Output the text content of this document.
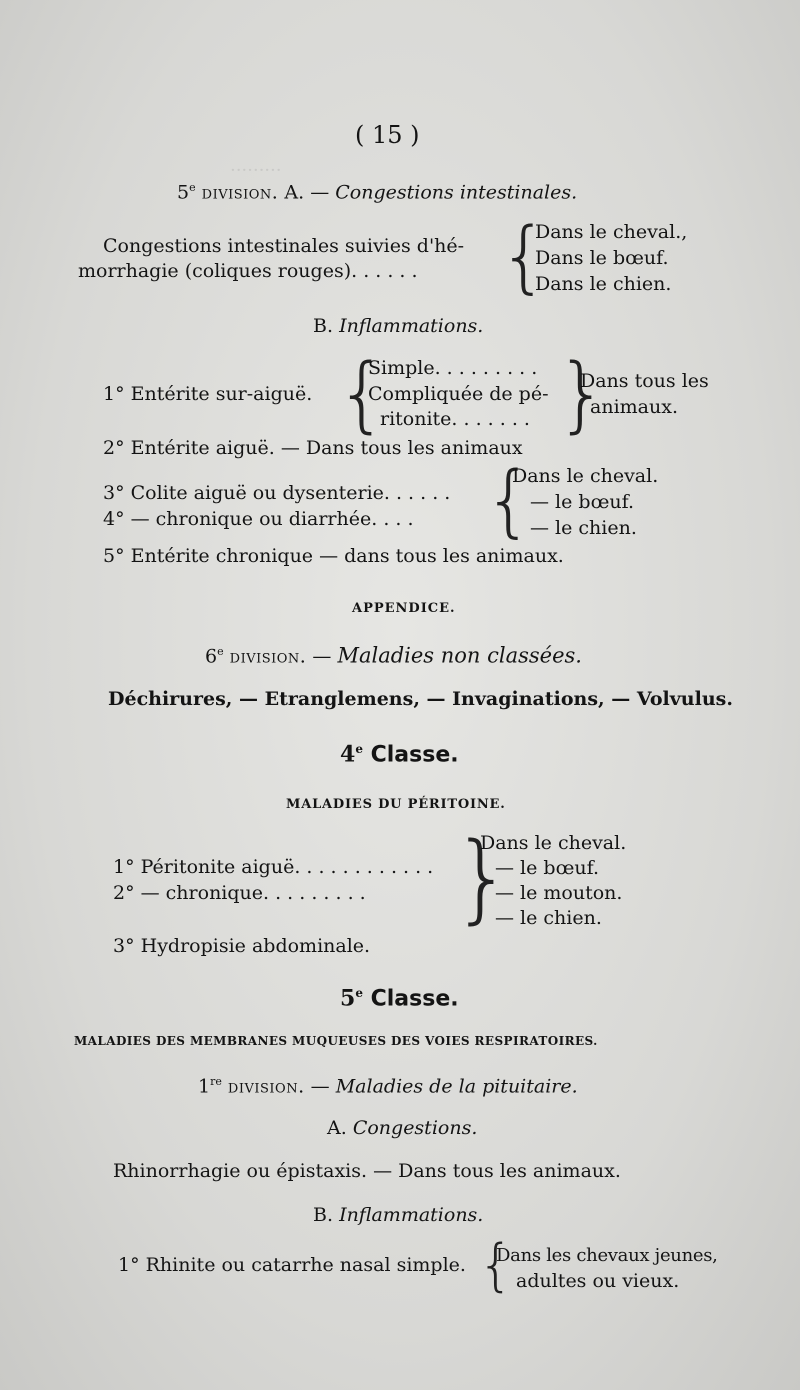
·········
( 15 )
5e division. A. — Congestions intestinales.
Congestions intestinales suivies d'hé-
morrhagie (coliques rouges). . . . . . {
Dans le cheval.,
Dans le bœuf.
Dans le chien.
B. Inflammations.
1° Entérite sur-aiguë. {
Simple. . . . . . . . .
Compliquée de pé-
ritonite. . . . . . . }
Dans tous les
animaux.
2° Entérite aiguë. — Dans tous les animaux
3° Colite aiguë ou dysenterie. . . . . .
4° — chronique ou diarrhée. . . . {
Dans le cheval.
— le bœuf.
— le chien.
5° Entérite chronique — dans tous les animaux.
APPENDICE.
6e division. — Maladies non classées.
Déchirures, — Etranglemens, — Invaginations, — Volvulus.
4e Classe.
MALADIES DU PÉRITOINE.
1° Péritonite aiguë. . . . . . . . . . . .
2° — chronique. . . . . . . . . }
Dans le cheval.
— le bœuf.
— le mouton.
— le chien.
3° Hydropisie abdominale.
5e Classe.
MALADIES DES MEMBRANES MUQUEUSES DES VOIES RESPIRATOIRES.
1re division. — Maladies de la pituitaire.
A. Congestions.
Rhinorrhagie ou épistaxis. — Dans tous les animaux.
B. Inflammations.
1° Rhinite ou catarrhe nasal simple. {
Dans les chevaux jeunes,
adultes ou vieux.
